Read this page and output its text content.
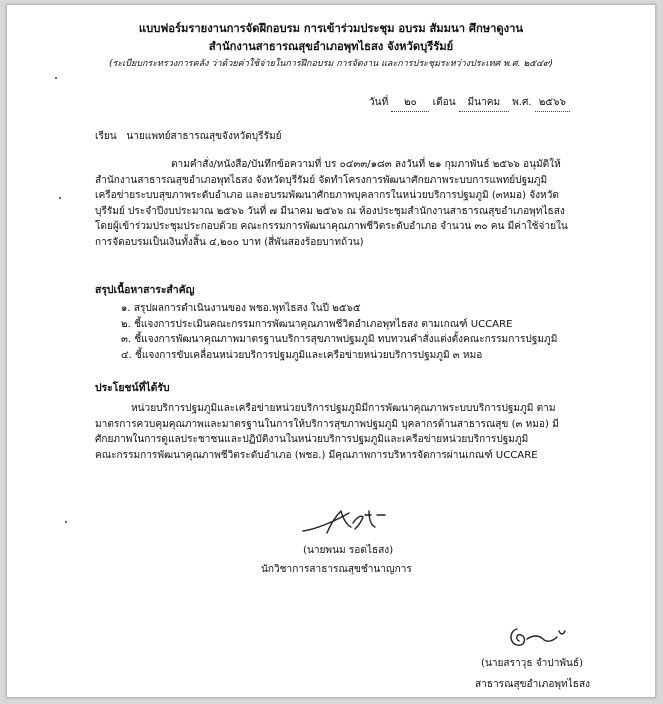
แบบฟอร์มรายงานการจัดฝึกอบรม การเข้าร่วมประชุม อบรม สัมมนา ศึกษาดูงาน
สำนักงานสาธารณสุขอำเภอพุทไธสง จังหวัดบุรีรัมย์
(ระเบียบกระทรวงการคลัง ว่าด้วยค่าใช้จ่ายในการฝึกอบรม การจัดงาน และการประชุมระหว่างประเทศ พ.ศ. ๒๕๔๙)
วันที่ ๒๐ เดือน มีนาคม พ.ศ. ๒๕๖๖
เรียน นายแพทย์สาธารณสุขจังหวัดบุรีรัมย์
ตามคำสั่ง/หนังสือ/บันทึกข้อความที่ บร ๐๔๓๓/๑๘๓ ลงวันที่ ๒๑ กุมภาพันธ์ ๒๕๖๖ อนุมัติให้
สำนักงานสาธารณสุขอำเภอพุทไธสง จังหวัดบุรีรัมย์ จัดทำโครงการพัฒนาศักยภาพระบบการแพทย์ปฐมภูมิ
เครือข่ายระบบสุขภาพระดับอำเภอ และอบรมพัฒนาศักยภาพบุคลากรในหน่วยบริการปฐมภูมิ (๓หมอ) จังหวัด
บุรีรัมย์ ประจำปีงบประมาณ ๒๕๖๖ วันที่ ๗ มีนาคม ๒๕๖๖ ณ ห้องประชุมสำนักงานสาธารณสุขอำเภอพุทไธสง
โดยผู้เข้าร่วมประชุมประกอบด้วย คณะกรรมการพัฒนาคุณภาพชีวิตระดับอำเภอ จำนวน ๓๐ คน มีค่าใช้จ่ายใน
การจัดอบรมเป็นเงินทั้งสิ้น ๔,๒๐๐ บาท (สี่พันสองร้อยบาทถ้วน)
สรุปเนื้อหาสาระสำคัญ
๑. สรุปผลการดำเนินงานของ พชอ.พุทไธสง ในปี ๒๕๖๕
๒. ชี้แจงการประเมินคณะกรรมการพัฒนาคุณภาพชีวิตอำเภอพุทไธสง ตามเกณฑ์ UCCARE
๓. ชี้แจงการพัฒนาคุณภาพมาตรฐานบริการสุขภาพปฐมภูมิ ทบทวนคำสั่งแต่งตั้งคณะกรรมการปฐมภูมิ
๔. ชี้แจงการขับเคลื่อนหน่วยบริการปฐมภูมิและเครือข่ายหน่วยบริการปฐมภูมิ ๓ หมอ
ประโยชน์ที่ได้รับ
หน่วยบริการปฐมภูมิและเครือข่ายหน่วยบริการปฐมภูมิมีการพัฒนาคุณภาพระบบบริการปฐมภูมิ ตาม
มาตรการควบคุมคุณภาพและมาตรฐานในการให้บริการสุขภาพปฐมภูมิ บุคลากรด้านสาธารณสุข (๓ หมอ) มี
ศักยภาพในการดูแลประชาชนและปฏิบัติงานในหน่วยบริการปฐมภูมิและเครือข่ายหน่วยบริการปฐมภูมิ
คณะกรรมการพัฒนาคุณภาพชีวิตระดับอำเภอ (พชอ.) มีคุณภาพการบริหารจัดการผ่านเกณฑ์ UCCARE
(นายพนม รอดไธสง)
นักวิชาการสาธารณสุขชำนาญการ
(นายสราวุธ จำปาพันธ์)
สาธารณสุขอำเภอพุทไธสง
